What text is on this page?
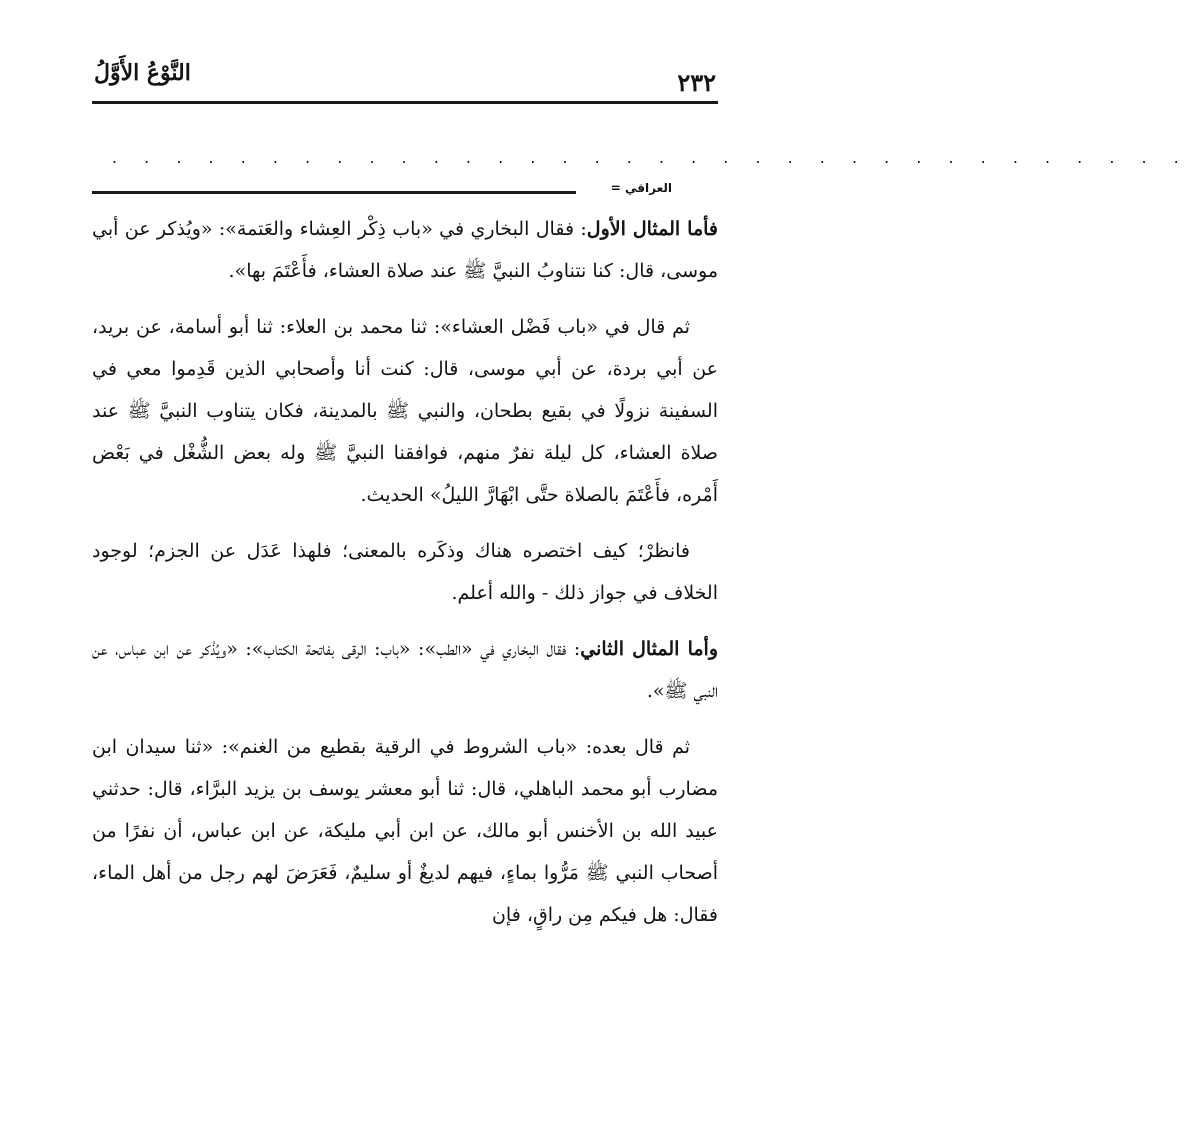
النَّوْعُ الأَوَّلُ	٢٣٢
. . . . . . . . . . . . . . . . . . . . . . . . . . . . . . . . . .
العراقي =

فأما المثال الأول: فقال البخاري في «باب ذِكْر العِشاء والعَتمة»: «ويُذكر عن أبي موسى، قال: كنا نتناوبُ النبيَّ ﷺ عند صلاة العشاء، فأَعْتَمَ بها».

ثم قال في «باب فَضْل العشاء»: ثنا محمد بن العلاء: ثنا أبو أسامة، عن بريد، عن أبي بردة، عن أبي موسى، قال: كنت أنا وأصحابي الذين قَدِموا معي في السفينة نزولًا في بقيع بطحان، والنبي ﷺ بالمدينة، فكان يتناوب النبيَّ ﷺ عند صلاة العشاء، كل ليلة نفرٌ منهم، فوافقنا النبيَّ ﷺ وله بعض الشُّغْل في بَعْض أَمْره، فأَعْتَمَ بالصلاة حتَّى ابْهَارَّ الليلُ» الحديث.

فانظرْ؛ كيف اختصره هناك وذكَره بالمعنى؛ فلهذا عَدَل عن الجزم؛ لوجود الخلاف في جواز ذلك - والله أعلم.

وأما المثال الثاني: فقال البخاري في «الطب»: «باب: الرقى بفاتحة الكتاب»: «ويُذْكر عن ابن عباس، عن النبي ﷺ».

ثم قال بعده: «باب الشروط في الرقية بقطيع من الغنم»: «ثنا سيدان ابن مضارب أبو محمد الباهلي، قال: ثنا أبو معشر يوسف بن يزيد البرَّاء، قال: حدثني عبيد الله بن الأخنس أبو مالك، عن ابن أبي مليكة، عن ابن عباس، أن نفرًا من أصحاب النبي ﷺ مَرُّوا بماءٍ، فيهم لديغٌ أو سليمٌ، فَعَرَضَ لهم رجل من أهل الماء، فقال: هل فيكم مِن راقٍ، فإن
